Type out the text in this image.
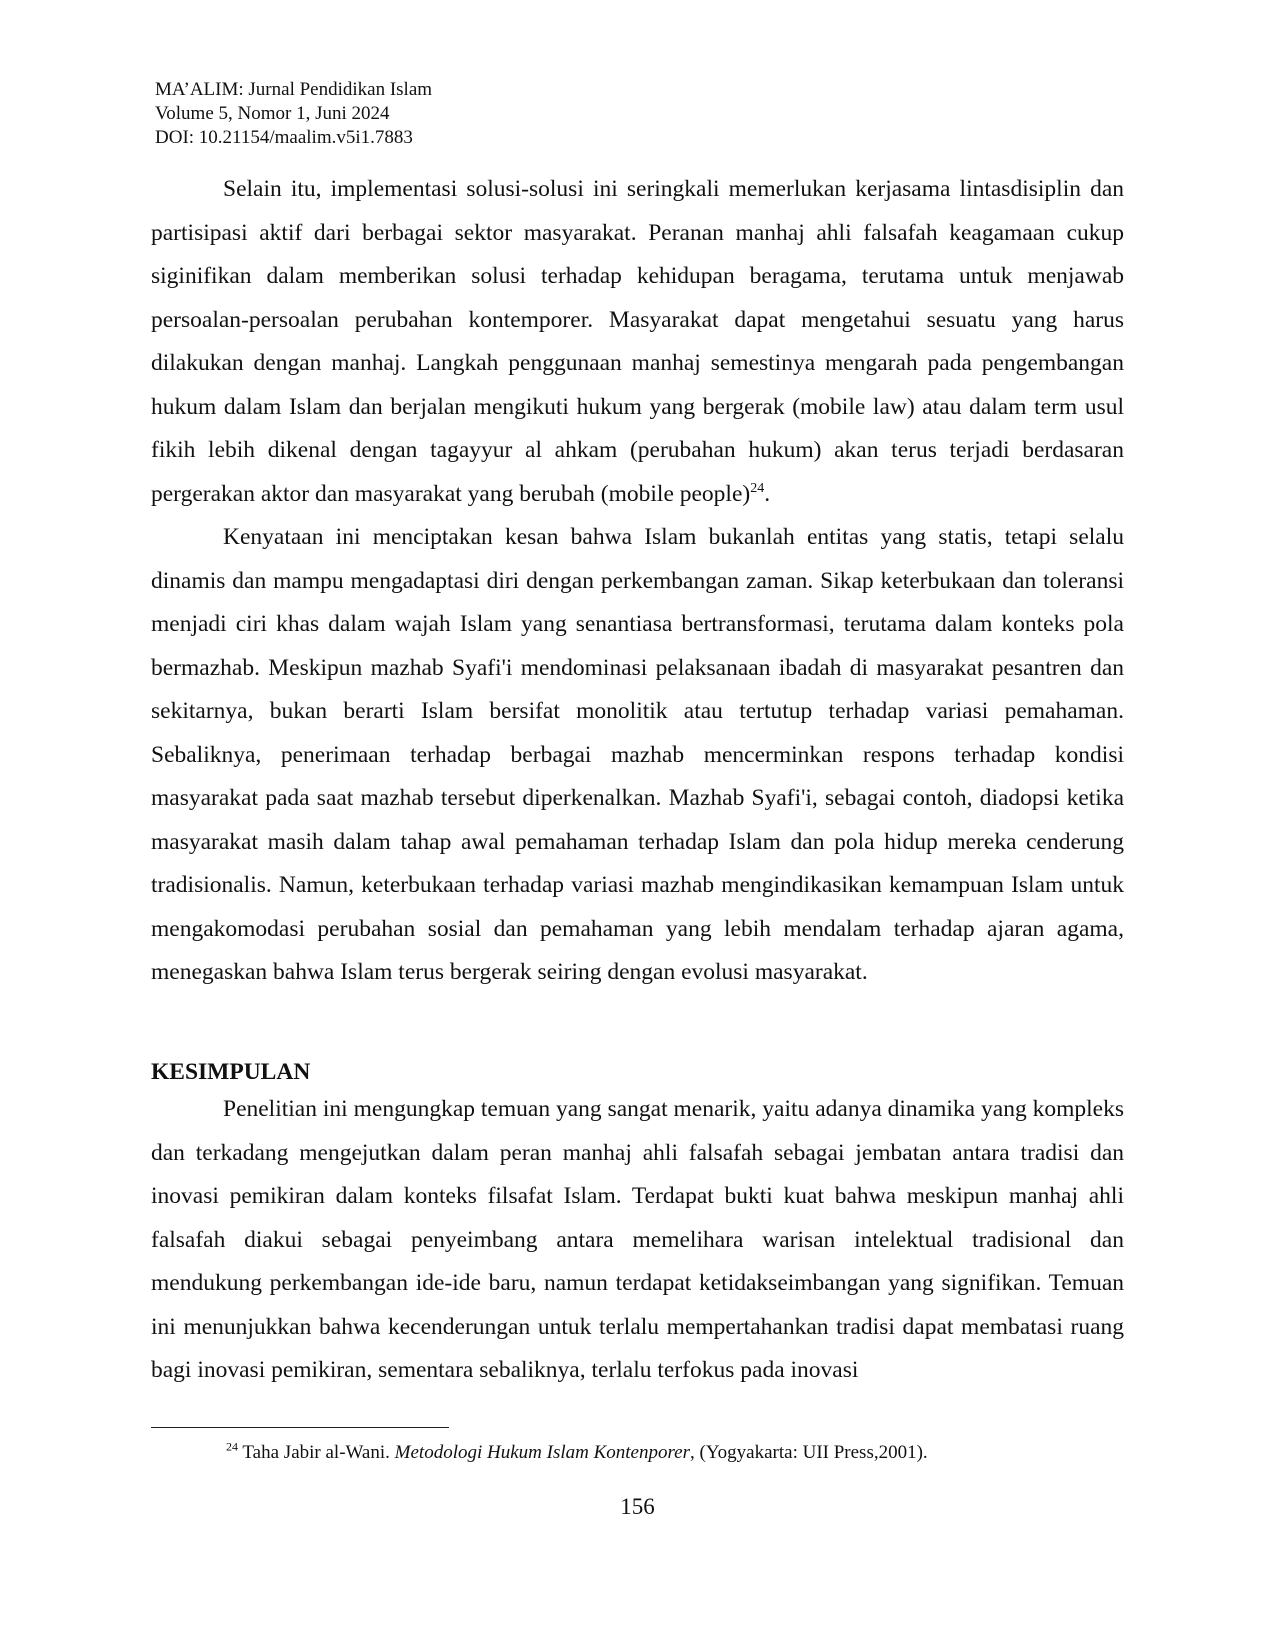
MA’ALIM: Jurnal Pendidikan Islam
Volume 5, Nomor 1, Juni 2024
DOI: 10.21154/maalim.v5i1.7883

Selain itu, implementasi solusi-solusi ini seringkali memerlukan kerjasama lintasdisiplin dan partisipasi aktif dari berbagai sektor masyarakat. Peranan manhaj ahli falsafah keagamaan cukup siginifikan dalam memberikan solusi terhadap kehidupan beragama, terutama untuk menjawab persoalan-persoalan perubahan kontemporer. Masyarakat dapat mengetahui sesuatu yang harus dilakukan dengan manhaj. Langkah penggunaan manhaj semestinya mengarah pada pengembangan hukum dalam Islam dan berjalan mengikuti hukum yang bergerak (mobile law) atau dalam term usul fikih lebih dikenal dengan tagayyur al ahkam (perubahan hukum) akan terus terjadi berdasaran pergerakan aktor dan masyarakat yang berubah (mobile people)$^{24}$.

Kenyataan ini menciptakan kesan bahwa Islam bukanlah entitas yang statis, tetapi selalu dinamis dan mampu mengadaptasi diri dengan perkembangan zaman. Sikap keterbukaan dan toleransi menjadi ciri khas dalam wajah Islam yang senantiasa bertransformasi, terutama dalam konteks pola bermazhab. Meskipun mazhab Syafi'i mendominasi pelaksanaan ibadah di masyarakat pesantren dan sekitarnya, bukan berarti Islam bersifat monolitik atau tertutup terhadap variasi pemahaman. Sebaliknya, penerimaan terhadap berbagai mazhab mencerminkan respons terhadap kondisi masyarakat pada saat mazhab tersebut diperkenalkan. Mazhab Syafi'i, sebagai contoh, diadopsi ketika masyarakat masih dalam tahap awal pemahaman terhadap Islam dan pola hidup mereka cenderung tradisionalis. Namun, keterbukaan terhadap variasi mazhab mengindikasikan kemampuan Islam untuk mengakomodasi perubahan sosial dan pemahaman yang lebih mendalam terhadap ajaran agama, menegaskan bahwa Islam terus bergerak seiring dengan evolusi masyarakat.

KESIMPULAN

Penelitian ini mengungkap temuan yang sangat menarik, yaitu adanya dinamika yang kompleks dan terkadang mengejutkan dalam peran manhaj ahli falsafah sebagai jembatan antara tradisi dan inovasi pemikiran dalam konteks filsafat Islam. Terdapat bukti kuat bahwa meskipun manhaj ahli falsafah diakui sebagai penyeimbang antara memelihara warisan intelektual tradisional dan mendukung perkembangan ide-ide baru, namun terdapat ketidakseimbangan yang signifikan. Temuan ini menunjukkan bahwa kecenderungan untuk terlalu mempertahankan tradisi dapat membatasi ruang bagi inovasi pemikiran, sementara sebaliknya, terlalu terfokus pada inovasi

$^{24}$ Taha Jabir al-Wani. Metodologi Hukum Islam Kontenporer, (Yogyakarta: UII Press,2001).
156
